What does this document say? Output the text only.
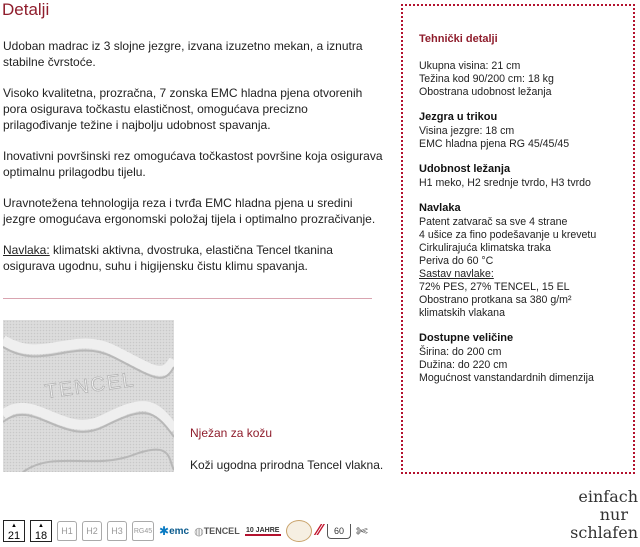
Detalji

Udoban madrac iz 3 slojne jezgre, izvana izuzetno mekan, a iznutra stabilne čvrstoće.

Visoko kvalitetna, prozračna, 7 zonska EMC hladna pjena otvorenih pora osigurava točkastu elastičnost, omogućava precizno prilagođivanje težine i najbolju udobnost spavanja.

Inovativni površinski rez omogućava točkastost površine koja osigurava optimalnu prilagodbu tijelu.

Uravnotežena tehnologija reza i tvrđa EMC hladna pjena u sredini jezgre omogućava ergonomski položaj tijela i optimalno prozračivanje.

Navlaka: klimatski aktivna, dvostruka, elastična Tencel tkanina osigurava ugodnu, suhu i higijensku čistu klimu spavanja.

TENCEL
Nježan za kožu
Koži ugodna prirodna Tencel vlakna.
Tehnički detalji
Ukupna visina: 21 cm
Težina kod 90/200 cm: 18 kg
Obostrana udobnost ležanja
Jezgra u trikou
Visina jezgre: 18 cm
EMC hladna pjena RG 45/45/45
Udobnost ležanja
H1 meko, H2 srednje tvrdo, H3 tvrdo
Navlaka
Patent zatvarač sa sve 4 strane
4 ušice za fino podešavanje u krevetu
Cirkulirajuća klimatska traka
Periva do 60 °C
Sastav navlake:
72% PES, 27% TENCEL, 15 EL
Obostrano protkana sa 380 g/m²
klimatskih vlakana
Dostupne veličine
Širina: do 200 cm
Dužina: do 220 cm
Mogućnost vanstandardnih dimenzija
einfach
nur
schlafen
▲
21
▲
18	H1	H2	H3	RG45 ✱ emc ◍ TENCEL 10 JAHRE ⁄⁄	60 ✄
